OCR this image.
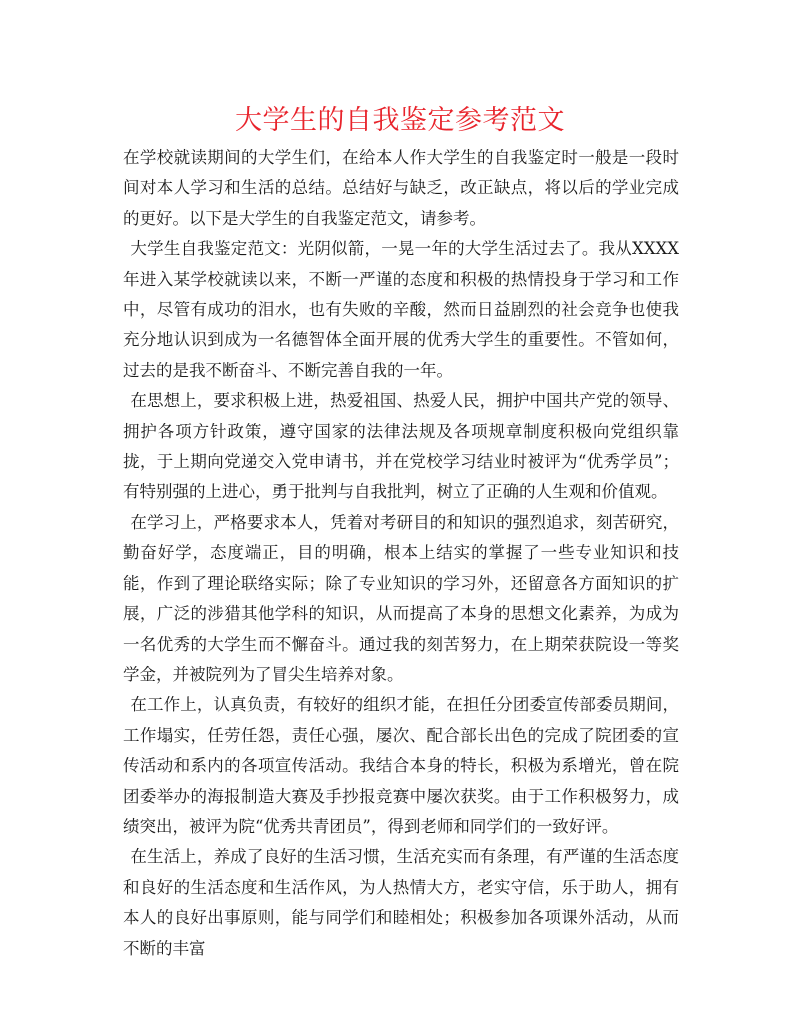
大学生的自我鉴定参考范文

在学校就读期间的大学生们，在给本人作大学生的自我鉴定时一般是一段时间对本人学习和生活的总结。总结好与缺乏，改正缺点，将以后的学业完成的更好。以下是大学生的自我鉴定范文，请参考。

大学生自我鉴定范文：光阴似箭，一晃一年的大学生活过去了。我从XXXX年进入某学校就读以来，不断一严谨的态度和积极的热情投身于学习和工作中，尽管有成功的泪水，也有失败的辛酸，然而日益剧烈的社会竞争也使我充分地认识到成为一名德智体全面开展的优秀大学生的重要性。不管如何，过去的是我不断奋斗、不断完善自我的一年。

在思想上，要求积极上进，热爱祖国、热爱人民，拥护中国共产党的领导、拥护各项方针政策，遵守国家的法律法规及各项规章制度积极向党组织靠拢，于上期向党递交入党申请书，并在党校学习结业时被评为“优秀学员”；有特别强的上进心，勇于批判与自我批判，树立了正确的人生观和价值观。

在学习上，严格要求本人，凭着对考研目的和知识的强烈追求，刻苦研究，勤奋好学，态度端正，目的明确，根本上结实的掌握了一些专业知识和技能，作到了理论联络实际；除了专业知识的学习外，还留意各方面知识的扩展，广泛的涉猎其他学科的知识，从而提高了本身的思想文化素养，为成为一名优秀的大学生而不懈奋斗。通过我的刻苦努力，在上期荣获院设一等奖学金，并被院列为了冒尖生培养对象。

在工作上，认真负责，有较好的组织才能，在担任分团委宣传部委员期间，工作塌实，任劳任怨，责任心强，屡次、配合部长出色的完成了院团委的宣传活动和系内的各项宣传活动。我结合本身的特长，积极为系增光，曾在院团委举办的海报制造大赛及手抄报竞赛中屡次获奖。由于工作积极努力，成绩突出，被评为院“优秀共青团员”，得到老师和同学们的一致好评。

在生活上，养成了良好的生活习惯，生活充实而有条理，有严谨的生活态度和良好的生活态度和生活作风，为人热情大方，老实守信，乐于助人，拥有本人的良好出事原则，能与同学们和睦相处；积极参加各项课外活动，从而不断的丰富
